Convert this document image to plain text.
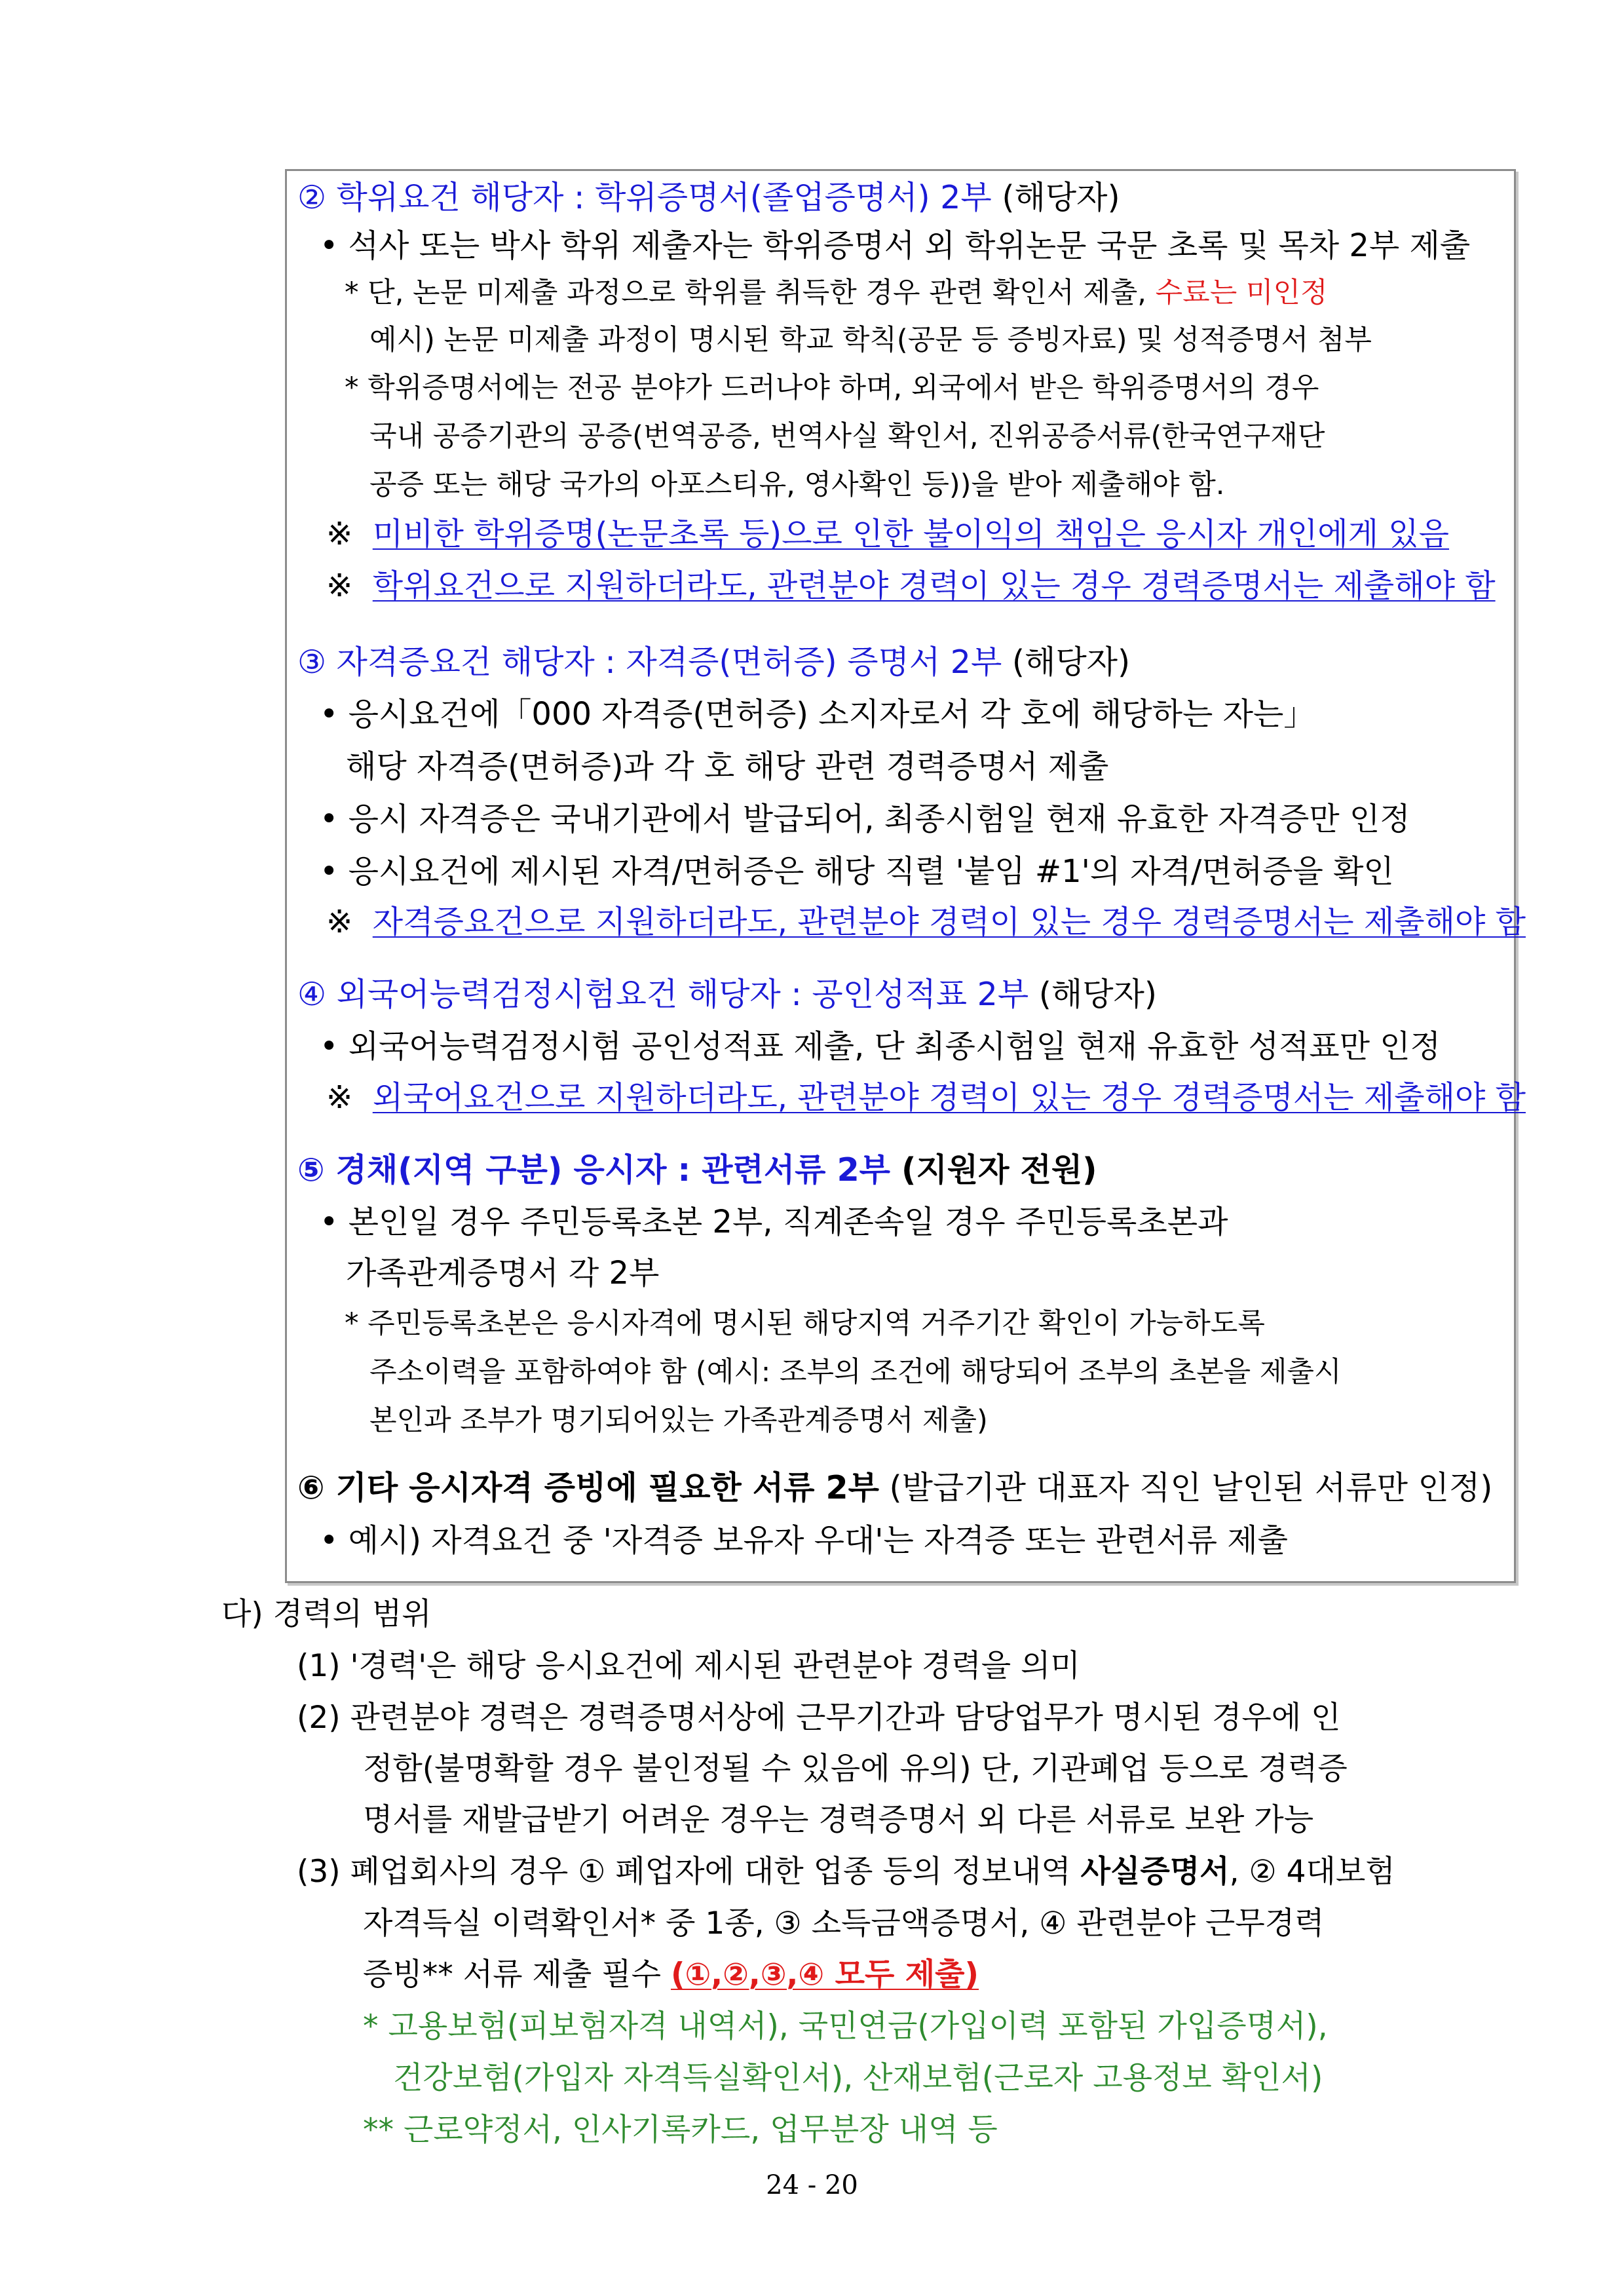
② 학위요건 해당자 : 학위증명서(졸업증명서) 2부 (해당자)
• 석사 또는 박사 학위 제출자는 학위증명서 외 학위논문 국문 초록 및 목차 2부 제출
* 단, 논문 미제출 과정으로 학위를 취득한 경우 관련 확인서 제출, 수료는 미인정
예시) 논문 미제출 과정이 명시된 학교 학칙(공문 등 증빙자료) 및 성적증명서 첨부
* 학위증명서에는 전공 분야가 드러나야 하며, 외국에서 받은 학위증명서의 경우
국내 공증기관의 공증(번역공증, 번역사실 확인서, 진위공증서류(한국연구재단
공증 또는 해당 국가의 아포스티유, 영사확인 등))을 받아 제출해야 함.
※ 미비한 학위증명(논문초록 등)으로 인한 불이익의 책임은 응시자 개인에게 있음
※ 학위요건으로 지원하더라도, 관련분야 경력이 있는 경우 경력증명서는 제출해야 함
③ 자격증요건 해당자 : 자격증(면허증) 증명서 2부 (해당자)
• 응시요건에「000 자격증(면허증) 소지자로서 각 호에 해당하는 자는」
해당 자격증(면허증)과 각 호 해당 관련 경력증명서 제출
• 응시 자격증은 국내기관에서 발급되어, 최종시험일 현재 유효한 자격증만 인정
• 응시요건에 제시된 자격/면허증은 해당 직렬 '붙임 #1'의 자격/면허증을 확인
※ 자격증요건으로 지원하더라도, 관련분야 경력이 있는 경우 경력증명서는 제출해야 함
④ 외국어능력검정시험요건 해당자 : 공인성적표 2부 (해당자)
• 외국어능력검정시험 공인성적표 제출, 단 최종시험일 현재 유효한 성적표만 인정
※ 외국어요건으로 지원하더라도, 관련분야 경력이 있는 경우 경력증명서는 제출해야 함
⑤ 경채(지역 구분) 응시자 : 관련서류 2부 (지원자 전원)
• 본인일 경우 주민등록초본 2부, 직계존속일 경우 주민등록초본과
가족관계증명서 각 2부
* 주민등록초본은 응시자격에 명시된 해당지역 거주기간 확인이 가능하도록
주소이력을 포함하여야 함 (예시: 조부의 조건에 해당되어 조부의 초본을 제출시
본인과 조부가 명기되어있는 가족관계증명서 제출)
⑥ 기타 응시자격 증빙에 필요한 서류 2부 (발급기관 대표자 직인 날인된 서류만 인정)
• 예시) 자격요건 중 '자격증 보유자 우대'는 자격증 또는 관련서류 제출
다) 경력의 범위
(1) '경력'은 해당 응시요건에 제시된 관련분야 경력을 의미
(2) 관련분야 경력은 경력증명서상에 근무기간과 담당업무가 명시된 경우에 인
정함(불명확할 경우 불인정될 수 있음에 유의) 단, 기관폐업 등으로 경력증
명서를 재발급받기 어려운 경우는 경력증명서 외 다른 서류로 보완 가능
(3) 폐업회사의 경우 ① 폐업자에 대한 업종 등의 정보내역 사실증명서, ② 4대보험
자격득실 이력확인서* 중 1종, ③ 소득금액증명서, ④ 관련분야 근무경력
증빙** 서류 제출 필수 (①,②,③,④ 모두 제출)
* 고용보험(피보험자격 내역서), 국민연금(가입이력 포함된 가입증명서),
건강보험(가입자 자격득실확인서), 산재보험(근로자 고용정보 확인서)
** 근로약정서, 인사기록카드, 업무분장 내역 등
24 - 20
